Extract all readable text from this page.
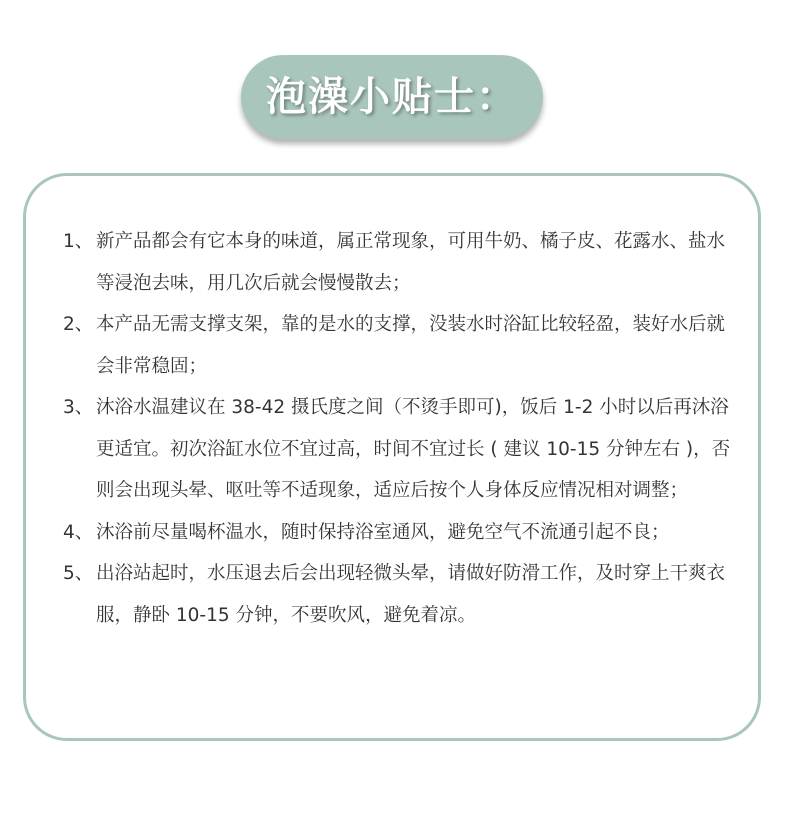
泡澡小贴士：
1、 新产品都会有它本身的味道，属正常现象，可用牛奶、橘子皮、花露水、盐水等浸泡去味，用几次后就会慢慢散去；
2、 本产品无需支撑支架，靠的是水的支撑，没装水时浴缸比较轻盈，装好水后就会非常稳固；
3、 沐浴水温建议在 38-42 摄氏度之间（不烫手即可)，饭后 1-2 小时以后再沐浴更适宜。初次浴缸水位不宜过高，时间不宜过长 ( 建议 10-15 分钟左右 )，否则会出现头晕、呕吐等不适现象，适应后按个人身体反应情况相对调整；
4、 沐浴前尽量喝杯温水，随时保持浴室通风，避免空气不流通引起不良；
5、 出浴站起时，水压退去后会出现轻微头晕，请做好防滑工作，及时穿上干爽衣服，静卧 10-15 分钟，不要吹风，避免着凉。
